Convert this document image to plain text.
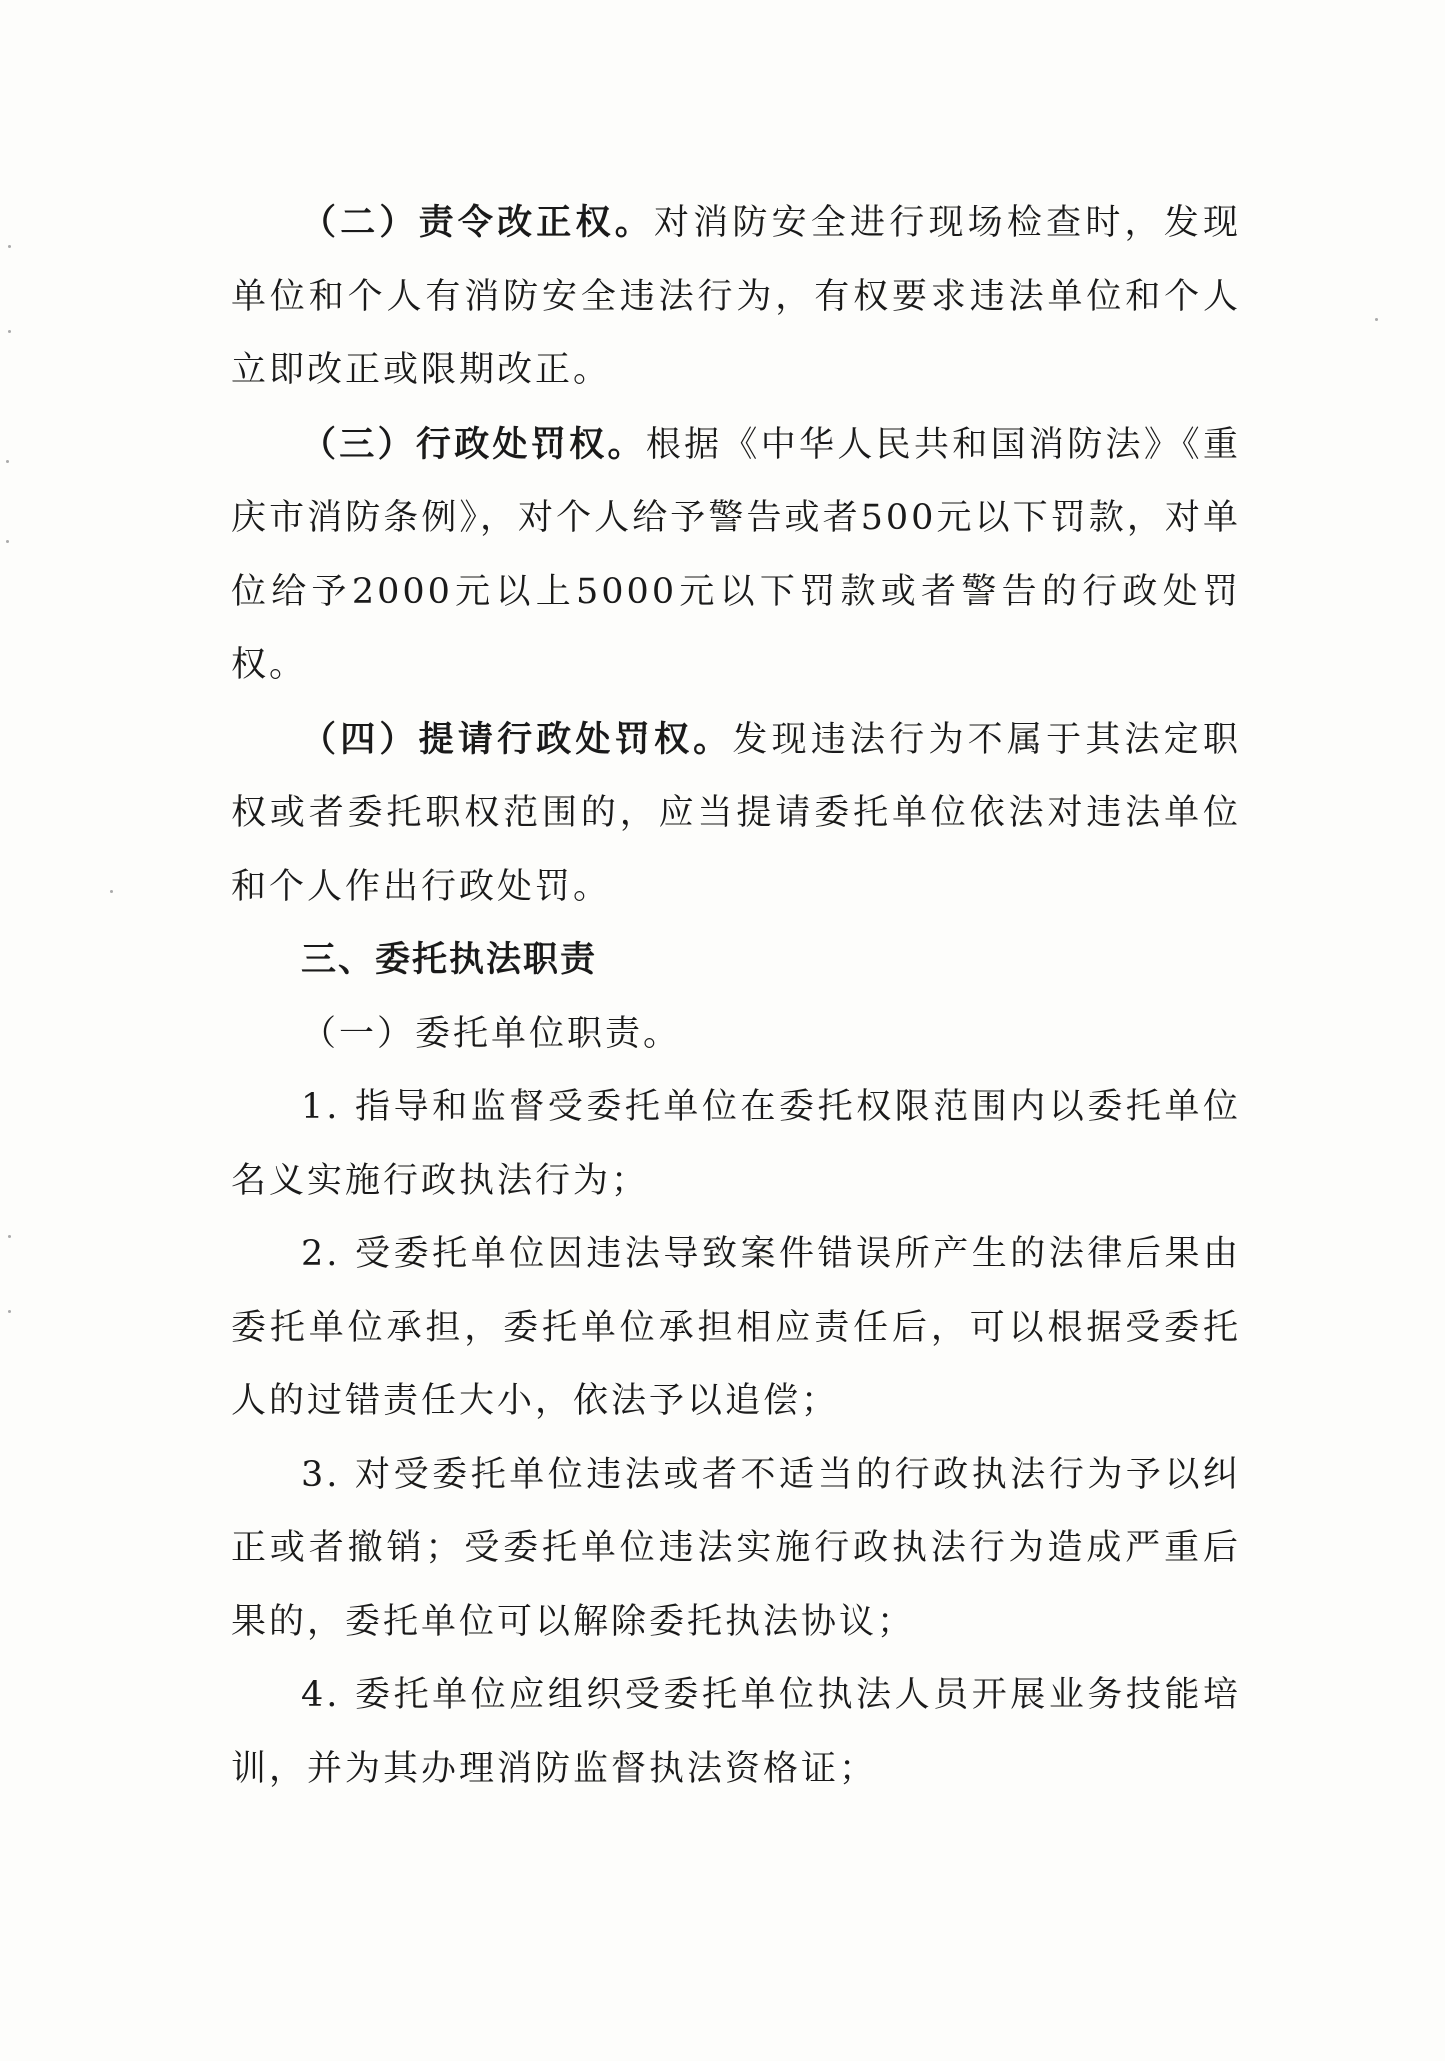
（二）责令改正权。对消防安全进行现场检查时，发现单位和个人有消防安全违法行为，有权要求违法单位和个人立即改正或限期改正。

（三）行政处罚权。根据《中华人民共和国消防法》《重庆市消防条例》，对个人给予警告或者500元以下罚款，对单位给予2000元以上5000元以下罚款或者警告的行政处罚权。

（四）提请行政处罚权。发现违法行为不属于其法定职权或者委托职权范围的，应当提请委托单位依法对违法单位和个人作出行政处罚。

三、委托执法职责

（一）委托单位职责。

1. 指导和监督受委托单位在委托权限范围内以委托单位名义实施行政执法行为；

2. 受委托单位因违法导致案件错误所产生的法律后果由委托单位承担，委托单位承担相应责任后，可以根据受委托人的过错责任大小，依法予以追偿；

3. 对受委托单位违法或者不适当的行政执法行为予以纠正或者撤销；受委托单位违法实施行政执法行为造成严重后果的，委托单位可以解除委托执法协议；

4. 委托单位应组织受委托单位执法人员开展业务技能培训，并为其办理消防监督执法资格证；
